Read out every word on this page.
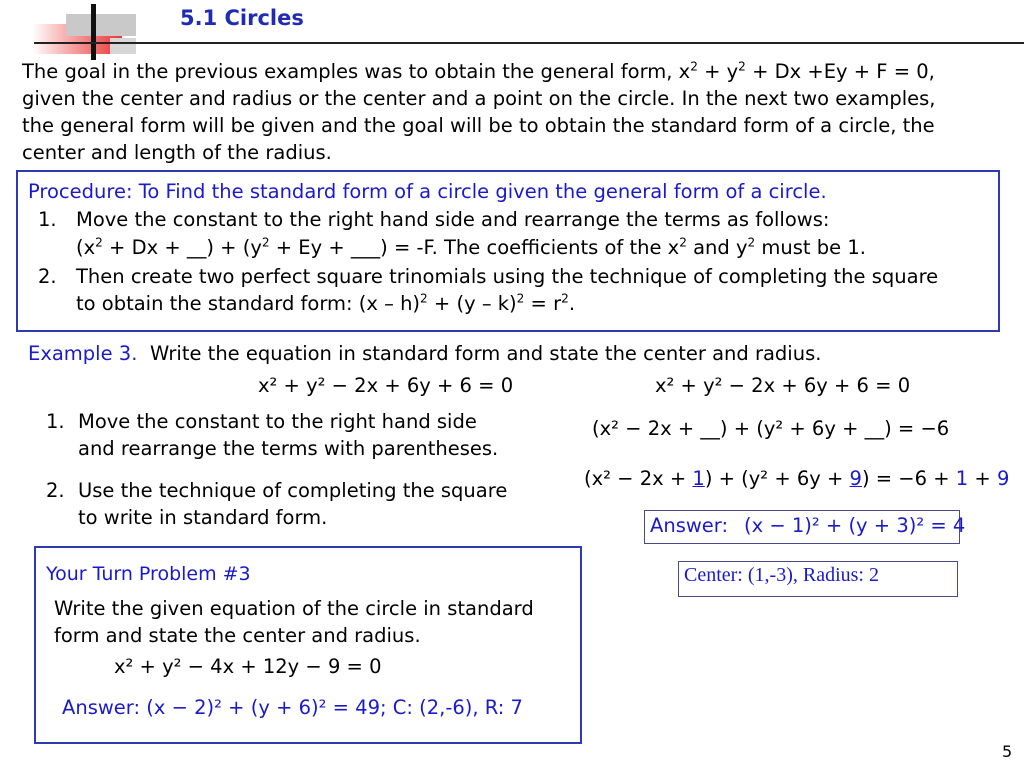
5.1 Circles
The goal in the previous examples was to obtain the general form, $x^2 + y^2 + Dx +Ey + F = 0$,
given the center and radius or the center and a point on the circle. In the next two examples,
the general form will be given and the goal will be to obtain the standard form of a circle, the
center and length of the radius.
Procedure: To Find the standard form of a circle given the general form of a circle.
1. Move the constant to the right hand side and rearrange the terms as follows:
($x^2 + Dx$ + __) + ($y^2 + Ey$ + ___) = -F. The coefficients of the $x^2$ and $y^2$ must be 1.
2. Then create two perfect square trinomials using the technique of completing the square
to obtain the standard form: $(x - h)^2 + (y - k)^2 = r^2$.
Example 3. Write the equation in standard form and state the center and radius.
x² + y² − 2x + 6y + 6 = 0	x² + y² − 2x + 6y + 6 = 0
1. Move the constant to the right hand side
and rearrange the terms with parentheses.
2. Use the technique of completing the square
to write in standard form.
(x² − 2x + __) + (y² + 6y + __) = −6
(x² − 2x + 1) + (y² + 6y + 9) = −6 + 1 + 9
Answer: (x − 1)² + (y + 3)² = 4
Center: (1,-3), Radius: 2
Your Turn Problem #3
Write the given equation of the circle in standard
form and state the center and radius.
x² + y² − 4x + 12y − 9 = 0
Answer: (x − 2)² + (y + 6)² = 49; C: (2,-6), R: 7
5
